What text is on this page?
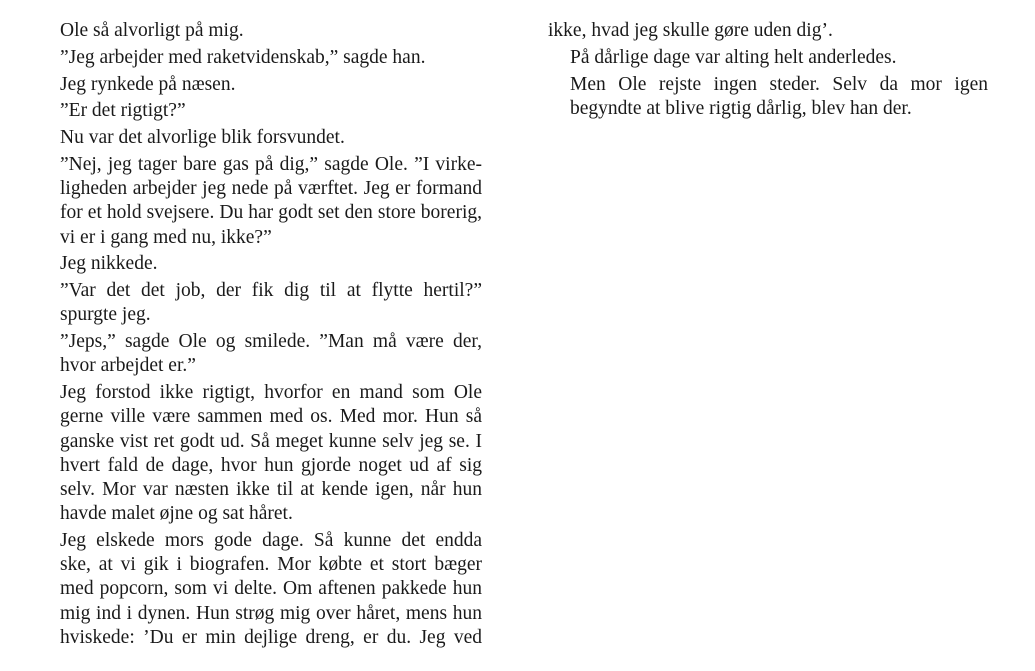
Ole så alvorligt på mig.

”Jeg arbejder med raketvidenskab,” sagde han.

Jeg rynkede på næsen.

”Er det rigtigt?”

Nu var det alvorlige blik forsvundet.

”Nej, jeg tager bare gas på dig,” sagde Ole. ”I virke-
ligheden arbejder jeg nede på værftet. Jeg er formand
for et hold svejsere. Du har godt set den store borerig,
vi er i gang med nu, ikke?”

Jeg nikkede.

”Var det det job, der fik dig til at flytte hertil?”
spurgte jeg.

”Jeps,” sagde Ole og smilede. ”Man må være der,
hvor arbejdet er.”

Jeg forstod ikke rigtigt, hvorfor en mand som Ole
gerne ville være sammen med os. Med mor. Hun så
ganske vist ret godt ud. Så meget kunne selv jeg se. I
hvert fald de dage, hvor hun gjorde noget ud af sig
selv. Mor var næsten ikke til at kende igen, når hun
havde malet øjne og sat håret.

Jeg elskede mors gode dage. Så kunne det endda
ske, at vi gik i biografen. Mor købte et stort bæger
med popcorn, som vi delte. Om aftenen pakkede hun
mig ind i dynen. Hun strøg mig over håret, mens hun
hviskede: ’Du er min dejlige dreng, er du. Jeg ved

ikke, hvad jeg skulle gøre uden dig’.

På dårlige dage var alting helt anderledes.

Men Ole rejste ingen steder. Selv da mor igen
begyndte at blive rigtig dårlig, blev han der.
